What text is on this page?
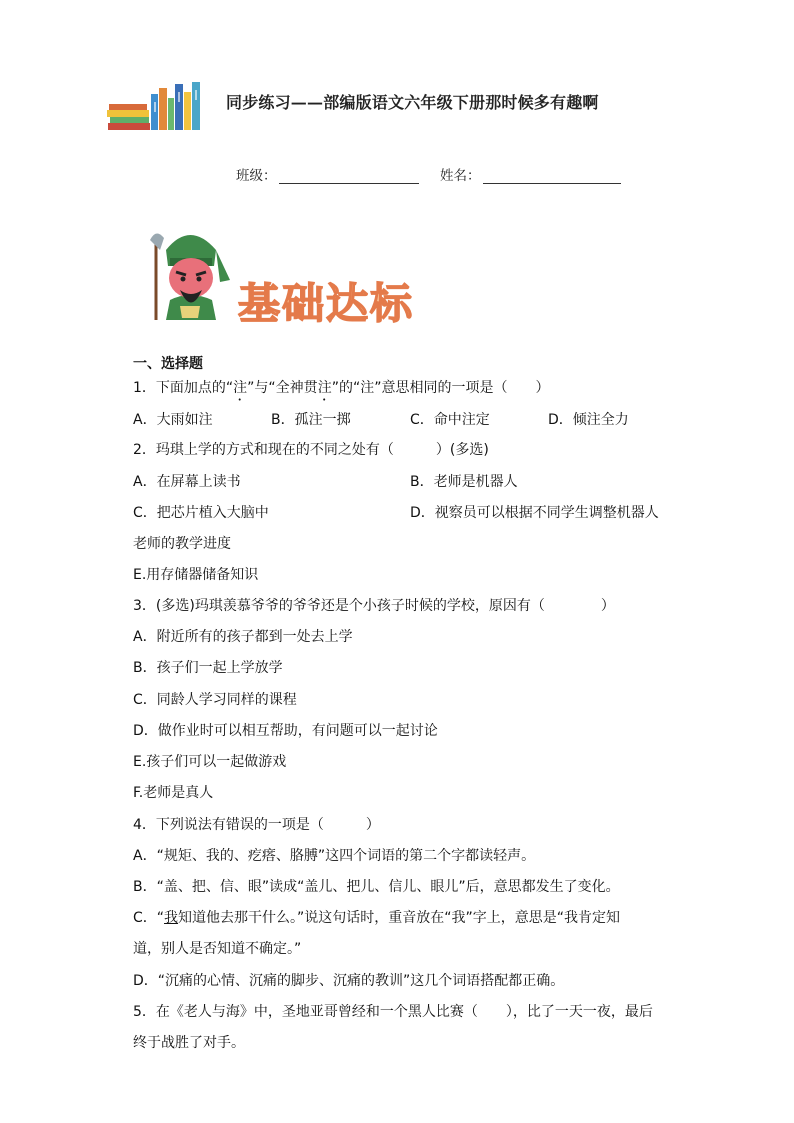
同步练习——部编版语文六年级下册那时候多有趣啊
班级：	姓名：
基础达标
一、选择题
1．下面加点的“注”与“全神贯注”的“注”意思相同的一项是（　　）
A．大雨如注	B．孤注一掷	C．命中注定	D．倾注全力
2．玛琪上学的方式和现在的不同之处有（　　　）(多选)
A．在屏幕上读书	B．老师是机器人
C．把芯片植入大脑中	D．视察员可以根据不同学生调整机器人
老师的教学进度
E.用存储器储备知识
3．(多选)玛琪羡慕爷爷的爷爷还是个小孩子时候的学校，原因有（　　　　）
A．附近所有的孩子都到一处去上学
B．孩子们一起上学放学
C．同龄人学习同样的课程
D．做作业时可以相互帮助，有问题可以一起讨论
E.孩子们可以一起做游戏
F.老师是真人
4．下列说法有错误的一项是（　　　）
A．“规矩、我的、疙瘩、胳膊”这四个词语的第二个字都读轻声。
B．“盖、把、信、眼”读成“盖儿、把儿、信儿、眼儿”后，意思都发生了变化。
C．“我知道他去那干什么。”说这句话时，重音放在“我”字上，意思是“我肯定知
道，别人是否知道不确定。”
D．“沉痛的心情、沉痛的脚步、沉痛的教训”这几个词语搭配都正确。
5．在《老人与海》中，圣地亚哥曾经和一个黑人比赛（　　），比了一天一夜，最后
终于战胜了对手。
